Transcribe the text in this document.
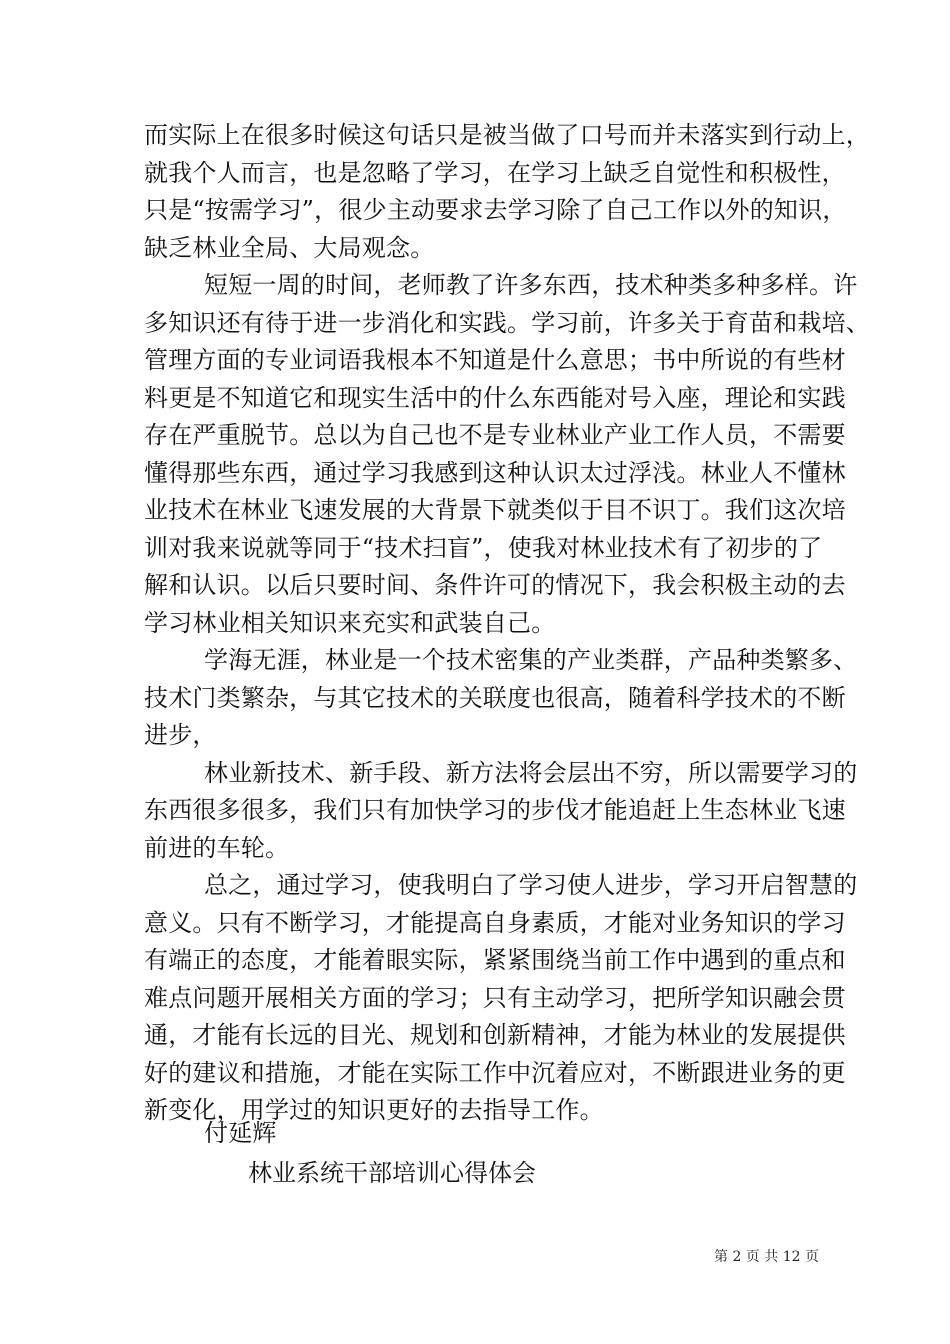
而实际上在很多时候这句话只是被当做了口号而并未落实到行动上，
就我个人而言，也是忽略了学习，在学习上缺乏自觉性和积极性，
只是“按需学习”，很少主动要求去学习除了自己工作以外的知识，
缺乏林业全局、大局观念。
短短一周的时间，老师教了许多东西，技术种类多种多样。许
多知识还有待于进一步消化和实践。学习前，许多关于育苗和栽培、
管理方面的专业词语我根本不知道是什么意思；书中所说的有些材
料更是不知道它和现实生活中的什么东西能对号入座，理论和实践
存在严重脱节。总以为自己也不是专业林业产业工作人员，不需要
懂得那些东西，通过学习我感到这种认识太过浮浅。林业人不懂林
业技术在林业飞速发展的大背景下就类似于目不识丁。我们这次培
训对我来说就等同于“技术扫盲”，使我对林业技术有了初步的了
解和认识。以后只要时间、条件许可的情况下，我会积极主动的去
学习林业相关知识来充实和武装自己。
学海无涯，林业是一个技术密集的产业类群，产品种类繁多、
技术门类繁杂，与其它技术的关联度也很高，随着科学技术的不断
进步，
林业新技术、新手段、新方法将会层出不穷，所以需要学习的
东西很多很多，我们只有加快学习的步伐才能追赶上生态林业飞速
前进的车轮。
总之，通过学习，使我明白了学习使人进步，学习开启智慧的
意义。只有不断学习，才能提高自身素质，才能对业务知识的学习
有端正的态度，才能着眼实际，紧紧围绕当前工作中遇到的重点和
难点问题开展相关方面的学习；只有主动学习，把所学知识融会贯
通，才能有长远的目光、规划和创新精神，才能为林业的发展提供
好的建议和措施，才能在实际工作中沉着应对，不断跟进业务的更
新变化，用学过的知识更好的去指导工作。
付延辉
林业系统干部培训心得体会
第 2 页 共 12 页
